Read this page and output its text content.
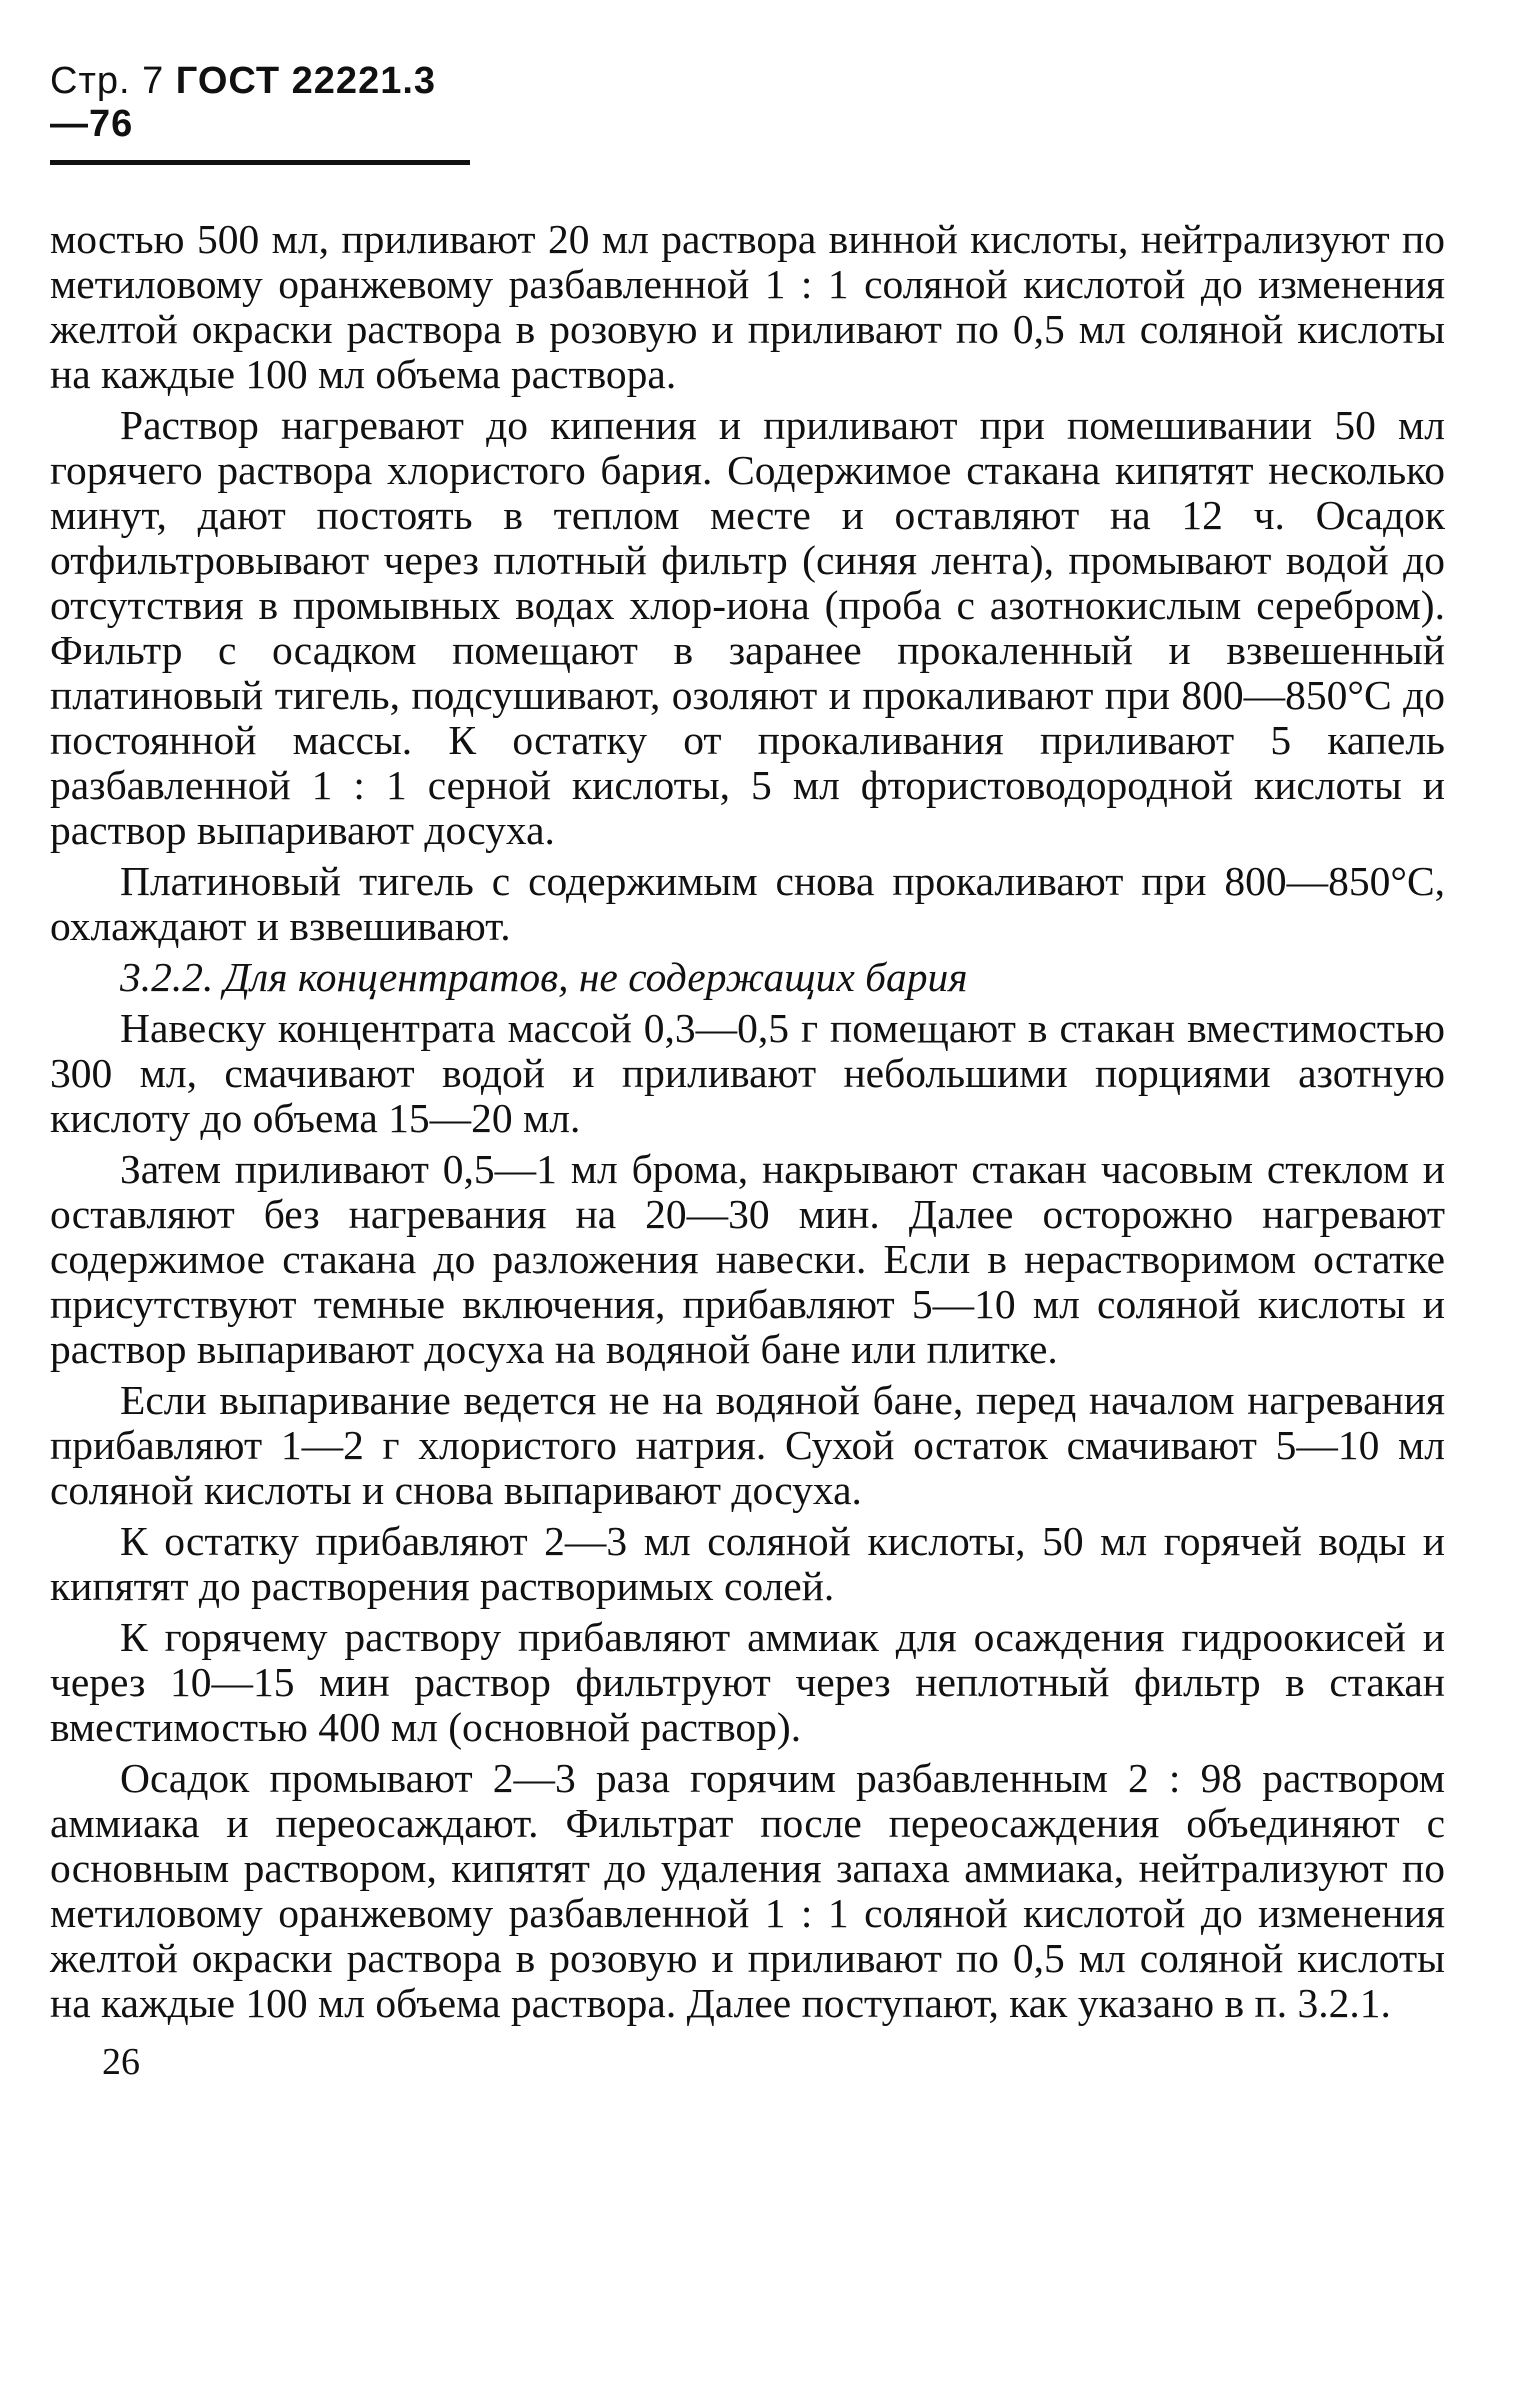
Стр. 7 ГОСТ 22221.3—76

мостью 500 мл, приливают 20 мл раствора винной кислоты, нейтрализуют по метиловому оранжевому разбавленной 1 : 1 соляной кислотой до изменения желтой окраски раствора в розовую и приливают по 0,5 мл соляной кислоты на каждые 100 мл объема раствора.

Раствор нагревают до кипения и приливают при помешивании 50 мл горячего раствора хлористого бария. Содержимое стакана кипятят несколько минут, дают постоять в теплом месте и оставляют на 12 ч. Осадок отфильтровывают через плотный фильтр (синяя лента), промывают водой до отсутствия в промывных водах хлор-иона (проба с азотнокислым серебром). Фильтр с осадком помещают в заранее прокаленный и взвешенный платиновый тигель, подсушивают, озоляют и прокаливают при 800—850°С до постоянной массы. К остатку от прокаливания приливают 5 капель разбавленной 1 : 1 серной кислоты, 5 мл фтористоводородной кислоты и раствор выпаривают досуха.

Платиновый тигель с содержимым снова прокаливают при 800—850°С, охлаждают и взвешивают.

3.2.2. Для концентратов, не содержащих бария

Навеску концентрата массой 0,3—0,5 г помещают в стакан вместимостью 300 мл, смачивают водой и приливают небольшими порциями азотную кислоту до объема 15—20 мл.

Затем приливают 0,5—1 мл брома, накрывают стакан часовым стеклом и оставляют без нагревания на 20—30 мин. Далее осторожно нагревают содержимое стакана до разложения навески. Если в нерастворимом остатке присутствуют темные включения, прибавляют 5—10 мл соляной кислоты и раствор выпаривают досуха на водяной бане или плитке.

Если выпаривание ведется не на водяной бане, перед началом нагревания прибавляют 1—2 г хлористого натрия. Сухой остаток смачивают 5—10 мл соляной кислоты и снова выпаривают досуха.

К остатку прибавляют 2—3 мл соляной кислоты, 50 мл горячей воды и кипятят до растворения растворимых солей.

К горячему раствору прибавляют аммиак для осаждения гидроокисей и через 10—15 мин раствор фильтруют через неплотный фильтр в стакан вместимостью 400 мл (основной раствор).

Осадок промывают 2—3 раза горячим разбавленным 2 : 98 раствором аммиака и переосаждают. Фильтрат после переосаждения объединяют с основным раствором, кипятят до удаления запаха аммиака, нейтрализуют по метиловому оранжевому разбавленной 1 : 1 соляной кислотой до изменения желтой окраски раствора в розовую и приливают по 0,5 мл соляной кислоты на каждые 100 мл объема раствора. Далее поступают, как указано в п. 3.2.1.

26
